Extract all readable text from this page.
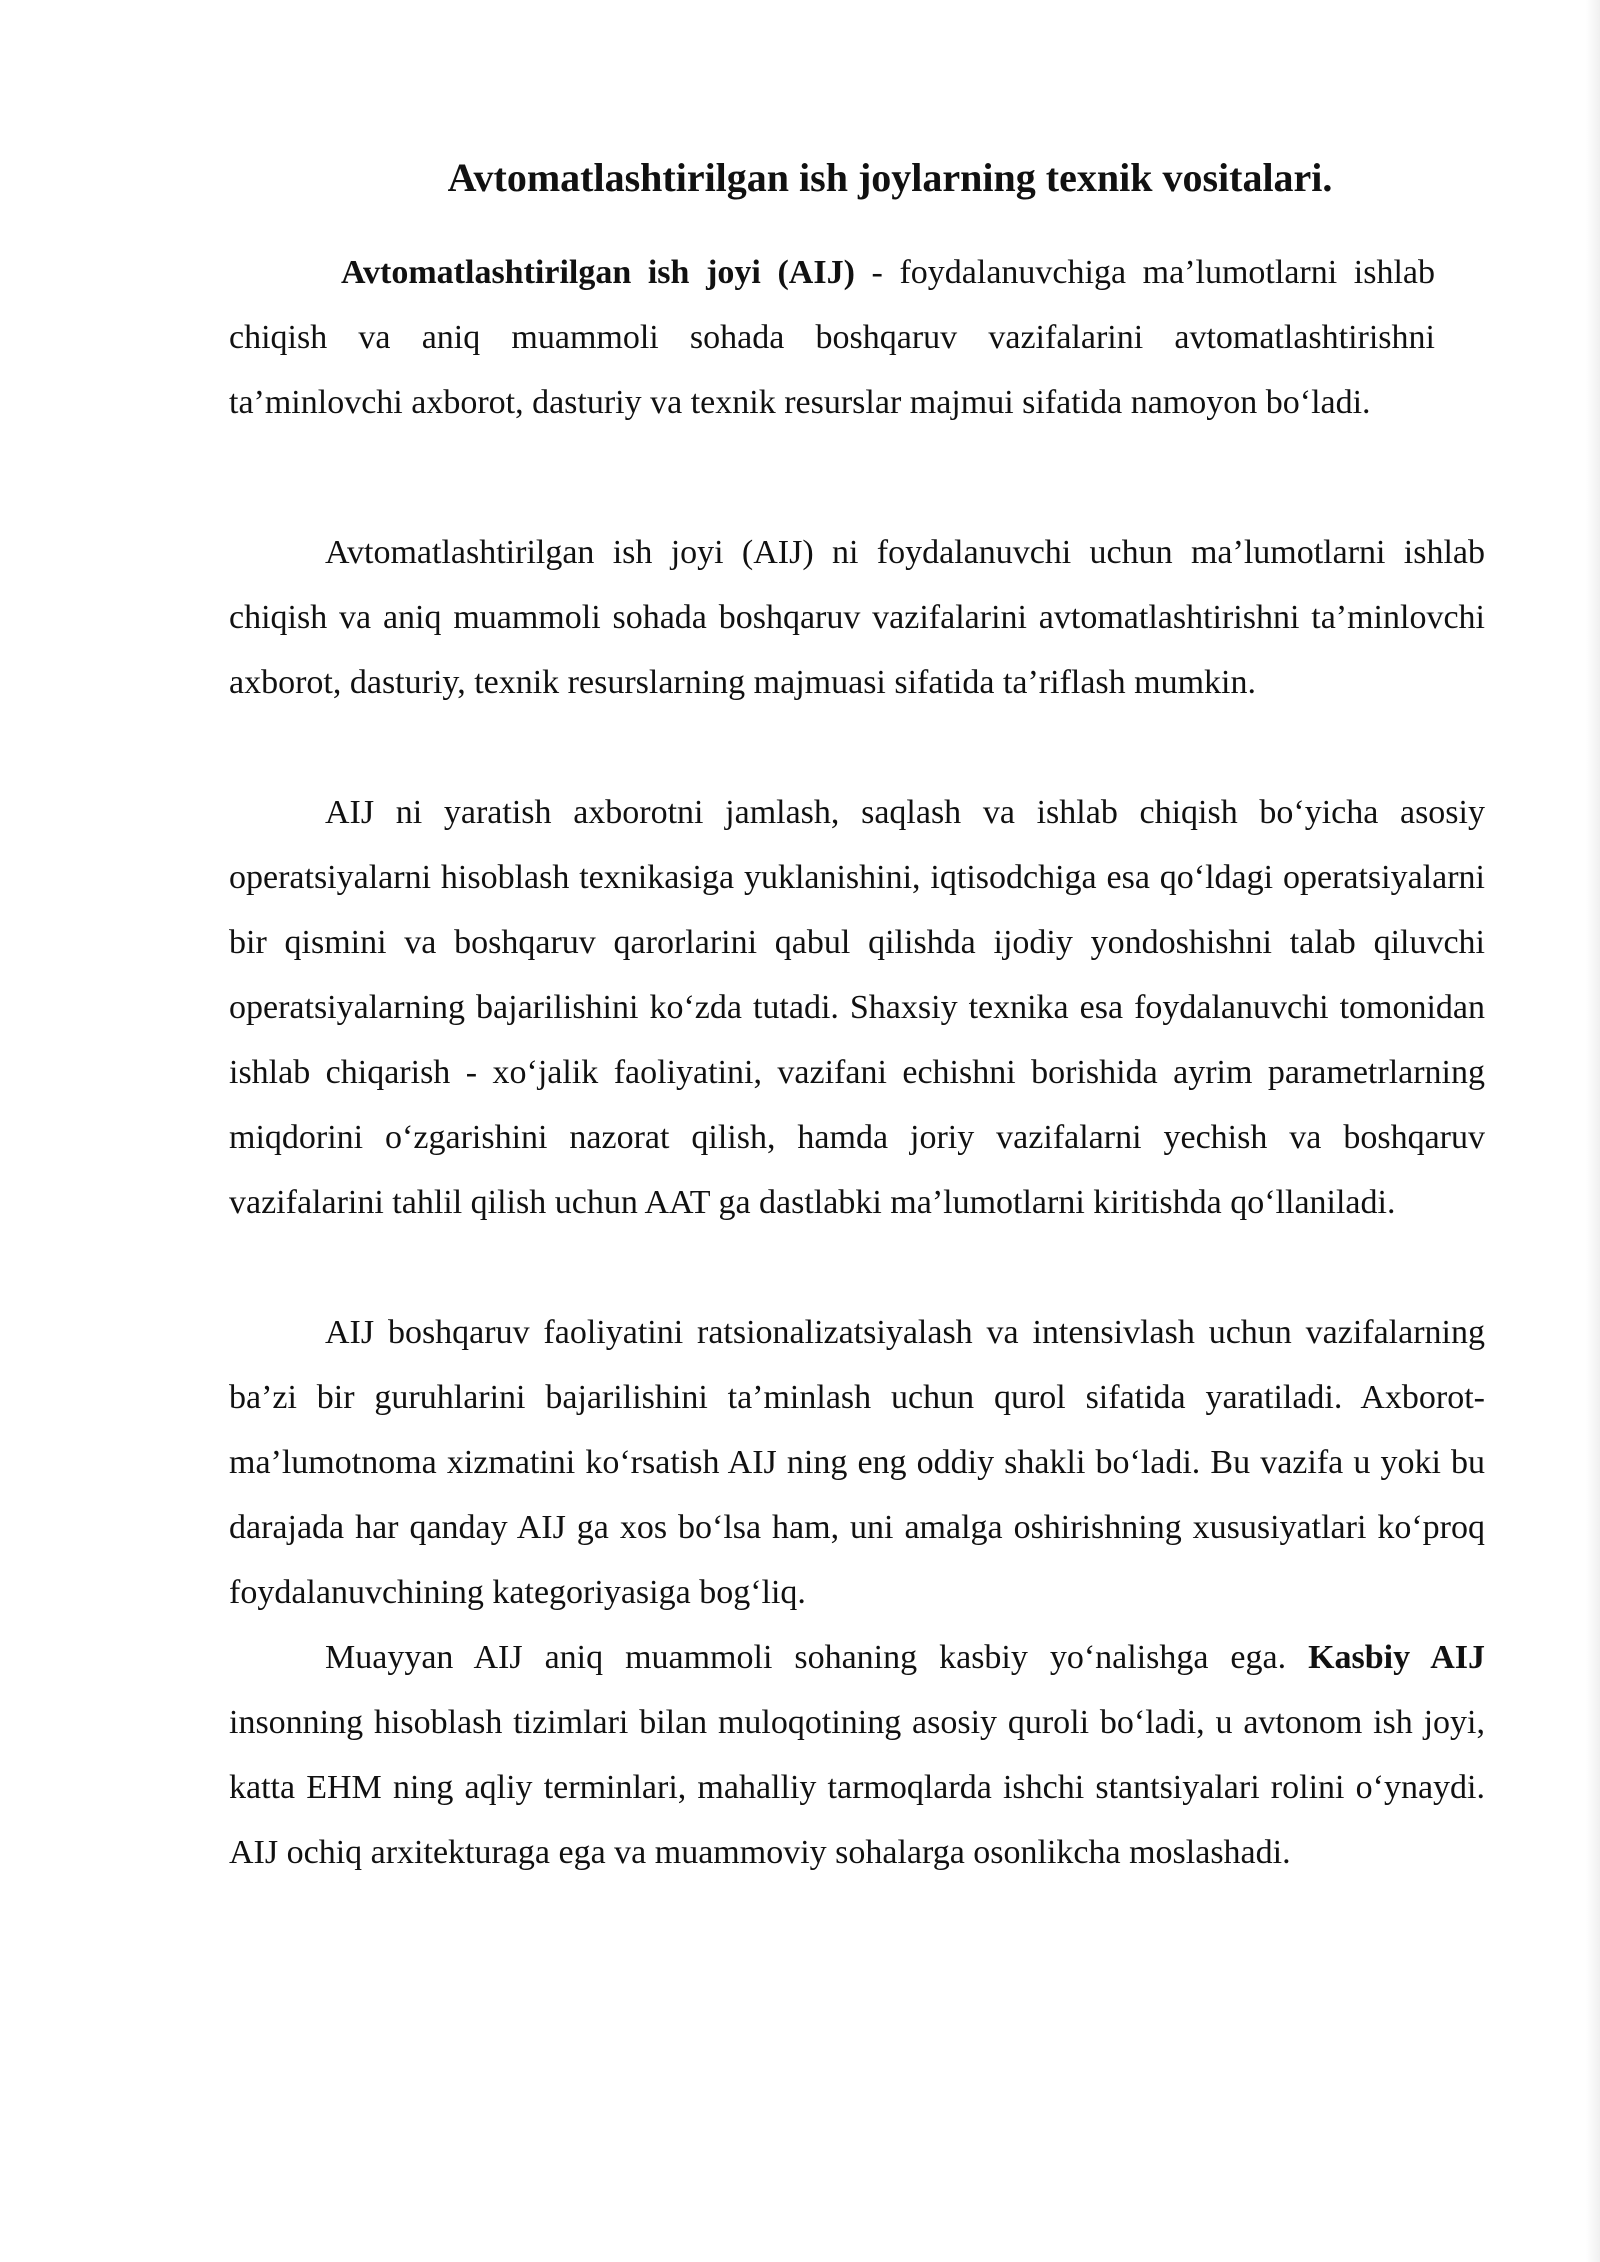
Avtomatlashtirilgan ish joylarning texnik vositalari.

Avtomatlashtirilgan ish joyi (AIJ) - foydalanuvchiga ma’lumotlarni ishlab chiqish va aniq muammoli sohada boshqaruv vazifalarini avtomatlashtirishni ta’minlovchi axborot, dasturiy va texnik resurslar majmui sifatida namoyon bo‘ladi.

Avtomatlashtirilgan ish joyi (AIJ) ni foydalanuvchi uchun ma’lumotlarni ishlab chiqish va aniq muammoli sohada boshqaruv vazifalarini avtomatlashtirishni ta’minlovchi axborot, dasturiy, texnik resurslarning majmuasi sifatida ta’riflash mumkin.

AIJ ni yaratish axborotni jamlash, saqlash va ishlab chiqish bo‘yicha asosiy operatsiyalarni hisoblash texnikasiga yuklanishini, iqtisodchiga esa qo‘ldagi operatsiyalarni bir qismini va boshqaruv qarorlarini qabul qilishda ijodiy yondoshishni talab qiluvchi operatsiyalarning bajarilishini ko‘zda tutadi. Shaxsiy texnika esa foydalanuvchi tomonidan ishlab chiqarish - xo‘jalik faoliyatini, vazifani echishni borishida ayrim parametrlarning miqdorini o‘zgarishini nazorat qilish, hamda joriy vazifalarni yechish va boshqaruv vazifalarini tahlil qilish uchun AAT ga dastlabki ma’lumotlarni kiritishda qo‘llaniladi.

AIJ boshqaruv faoliyatini ratsionalizatsiyalash va intensivlash uchun vazifalarning ba’zi bir guruhlarini bajarilishini ta’minlash uchun qurol sifatida yaratiladi. Axborot-ma’lumotnoma xizmatini ko‘rsatish AIJ ning eng oddiy shakli bo‘ladi. Bu vazifa u yoki bu darajada har qanday AIJ ga xos bo‘lsa ham, uni amalga oshirishning xususiyatlari ko‘proq foydalanuvchining kategoriyasiga bog‘liq.

Muayyan AIJ aniq muammoli sohaning kasbiy yo‘nalishga ega. Kasbiy AIJ insonning hisoblash tizimlari bilan muloqotining asosiy quroli bo‘ladi, u avtonom ish joyi, katta EHM ning aqliy terminlari, mahalliy tarmoqlarda ishchi stantsiyalari rolini o‘ynaydi. AIJ ochiq arxitekturaga ega va muammoviy sohalarga osonlikcha moslashadi.
